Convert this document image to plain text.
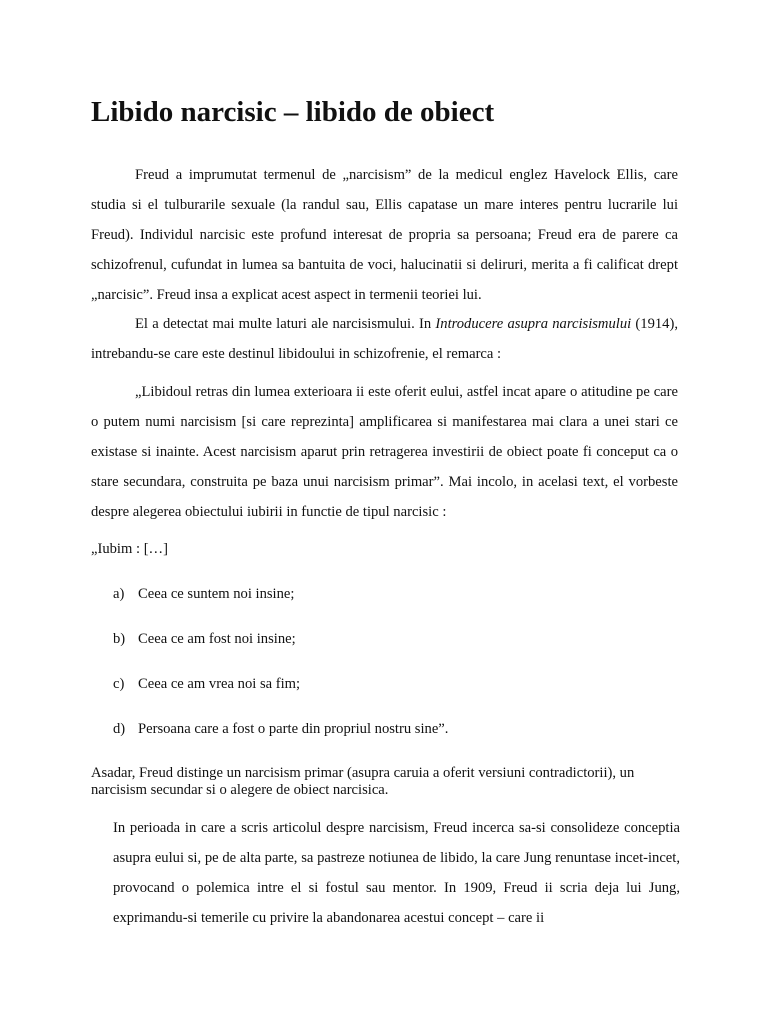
Libido narcisic – libido de obiect

Freud a imprumutat termenul de „narcisism” de la medicul englez Havelock Ellis, care studia si el tulburarile sexuale (la randul sau, Ellis capatase un mare interes pentru lucrarile lui Freud). Individul narcisic este profund interesat de propria sa persoana; Freud era de parere ca schizofrenul, cufundat in lumea sa bantuita de voci, halucinatii si deliruri, merita a fi calificat drept „narcisic”. Freud insa a explicat acest aspect in termenii teoriei lui.

El a detectat mai multe laturi ale narcisismului. In Introducere asupra narcisismului (1914), intrebandu-se care este destinul libidoului in schizofrenie, el remarca :

„Libidoul retras din lumea exterioara ii este oferit eului, astfel incat apare o atitudine pe care o putem numi narcisism [si care reprezinta] amplificarea si manifestarea mai clara a unei stari ce existase si inainte. Acest narcisism aparut prin retragerea investirii de obiect poate fi conceput ca o stare secundara, construita pe baza unui narcisism primar”. Mai incolo, in acelasi text, el vorbeste despre alegerea obiectului iubirii in functie de tipul narcisic :

„Iubim : […]

a) Ceea ce suntem noi insine;

b) Ceea ce am fost noi insine;

c) Ceea ce am vrea noi sa fim;

d) Persoana care a fost o parte din propriul nostru sine”.

Asadar, Freud distinge un narcisism primar (asupra caruia a oferit versiuni contradictorii), un narcisism secundar si o alegere de obiect narcisica.

In perioada in care a scris articolul despre narcisism, Freud incerca sa-si consolideze conceptia asupra eului si, pe de alta parte, sa pastreze notiunea de libido, la care Jung renuntase incet-incet, provocand o polemica intre el si fostul sau mentor. In 1909, Freud ii scria deja lui Jung, exprimandu-si temerile cu privire la abandonarea acestui concept – care ii
